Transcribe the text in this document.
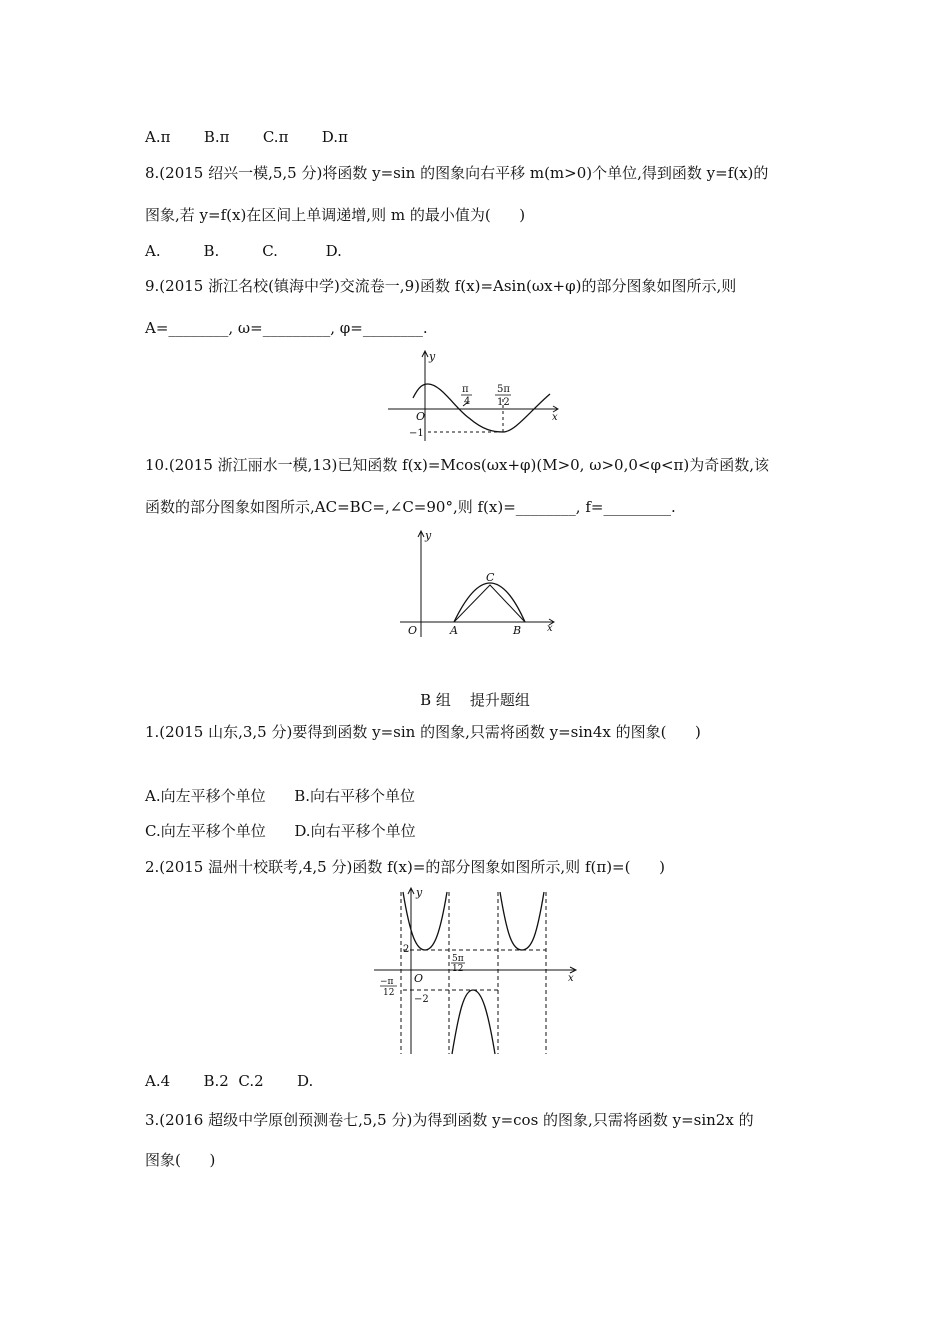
A.π       B.π       C.π       D.π
8.(2015 绍兴一模,5,5 分)将函数 y=sin 的图象向右平移 m(m>0)个单位,得到函数 y=f(x)的
图象,若 y=f(x)在区间上单调递增,则 m 的最小值为(      )
A.         B.         C.          D.
9.(2015 浙江名校(镇海中学)交流卷一,9)函数 f(x)=Asin(ωx+φ)的部分图象如图所示,则
A=________, ω=_________, φ=________.
y
x
O
π
4
5π
12
−1
10.(2015 浙江丽水一模,13)已知函数 f(x)=Mcos(ωx+φ)(M>0, ω>0,0<φ<π)为奇函数,该
函数的部分图象如图所示,AC=BC=,∠C=90°,则 f(x)=________, f=_________.
y
x
O	A	B
C
B 组    提升题组
1.(2015 山东,3,5 分)要得到函数 y=sin 的图象,只需将函数 y=sin4x 的图象(      )
A.向左平移个单位      B.向右平移个单位
C.向左平移个单位      D.向右平移个单位
2.(2015 温州十校联考,4,5 分)函数 f(x)=的部分图象如图所示,则 f(π)=(      )
y
x
O
2
−2
5π
12
−π
12
A.4       B.2  C.2       D.
3.(2016 超级中学原创预测卷七,5,5 分)为得到函数 y=cos 的图象,只需将函数 y=sin2x 的
图象(      )
